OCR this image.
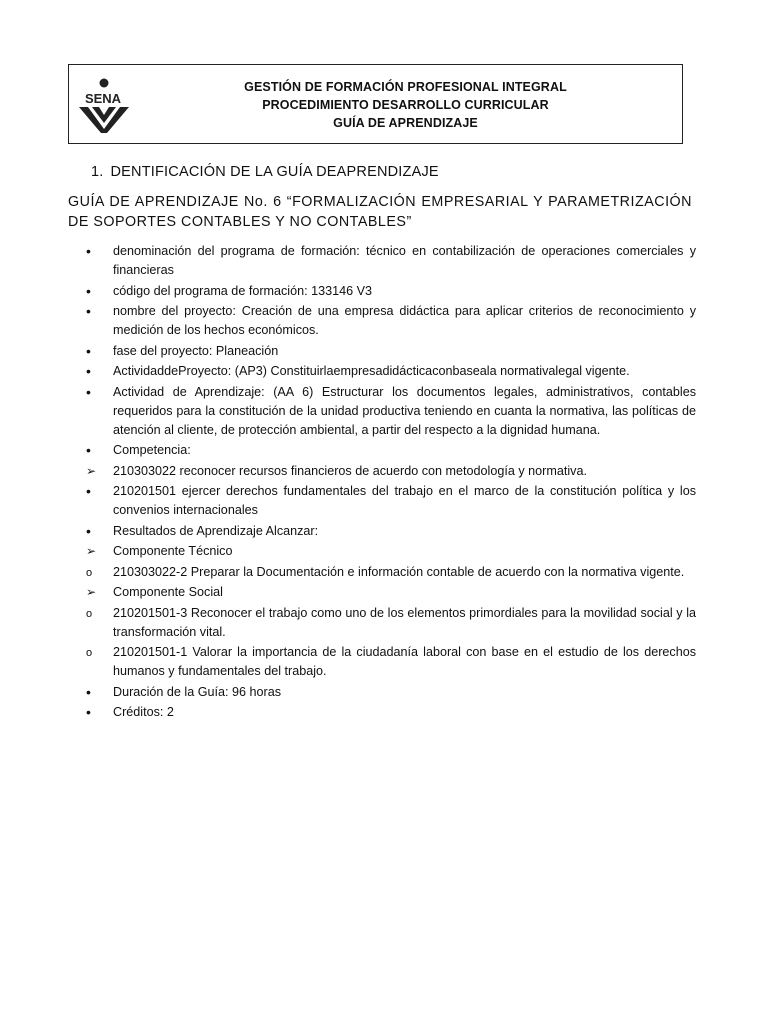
SENA
GESTIÓN DE FORMACIÓN PROFESIONAL INTEGRAL
PROCEDIMIENTO DESARROLLO CURRICULAR
GUÍA DE APRENDIZAJE
1. DENTIFICACIÓN DE LA GUÍA DEAPRENDIZAJE
GUÍA DE APRENDIZAJE No. 6 “FORMALIZACIÓN EMPRESARIAL Y PARAMETRIZACIÓN DE SOPORTES CONTABLES Y NO CONTABLES”
•
denominación del programa de formación: técnico en contabilización de operaciones comerciales y financieras
•
código del programa de formación: 133146 V3
•
nombre del proyecto: Creación de una empresa didáctica para aplicar criterios de reconocimiento y medición de los hechos económicos.
•
fase del proyecto: Planeación
•
ActividaddeProyecto: (AP3) Constituirlaempresadidácticaconbaseala normativalegal vigente.
•
Actividad de Aprendizaje: (AA 6) Estructurar los documentos legales, administrativos, contables requeridos para la constitución de la unidad productiva teniendo en cuanta la normativa, las políticas de atención al cliente, de protección ambiental, a partir del respecto a la dignidad humana.
•
Competencia:
➢
210303022 reconocer recursos financieros de acuerdo con metodología y normativa.
•
210201501 ejercer derechos fundamentales del trabajo en el marco de la constitución política y los convenios internacionales
•
Resultados de Aprendizaje Alcanzar:
➢
Componente Técnico
o
210303022-2 Preparar la Documentación e información contable de acuerdo con la normativa vigente.
➢
Componente Social
o
210201501-3 Reconocer el trabajo como uno de los elementos primordiales para la movilidad social y la transformación vital.
o
210201501-1 Valorar la importancia de la ciudadanía laboral con base en el estudio de los derechos humanos y fundamentales del trabajo.
•
Duración de la Guía: 96 horas
•
Créditos: 2
